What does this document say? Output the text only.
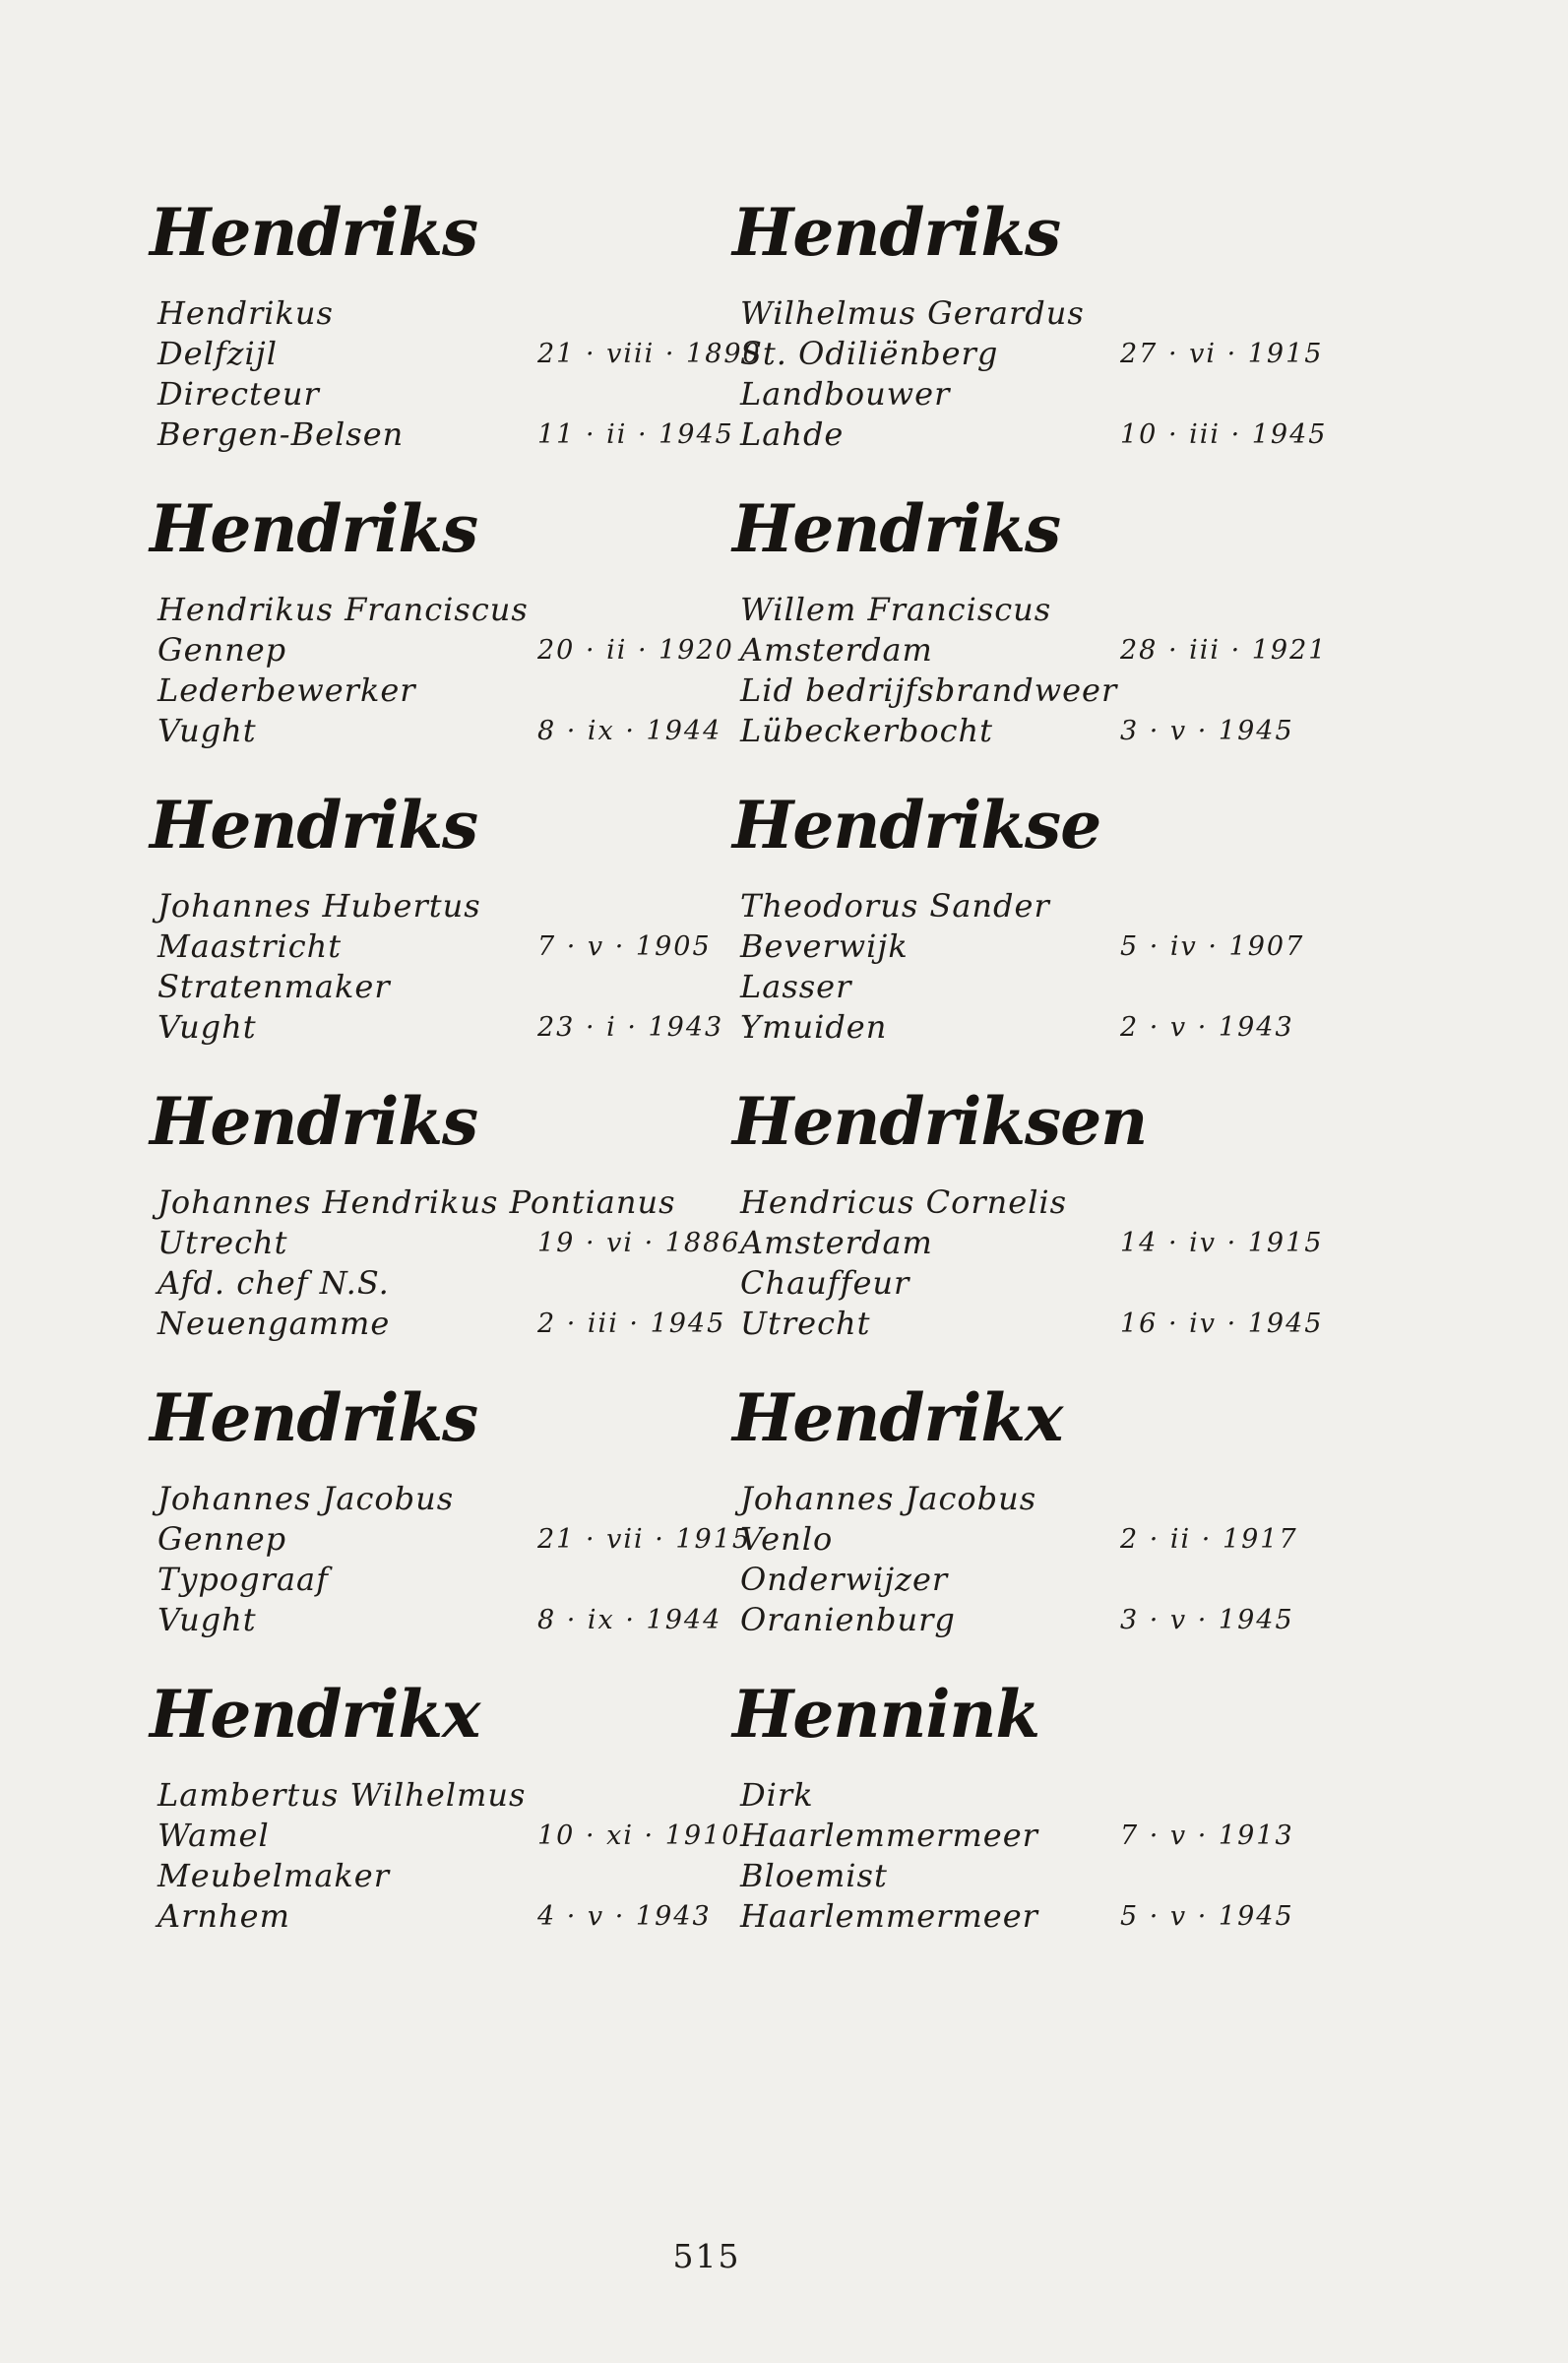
Hendriks
Hendrikus
Delfzijl	21 · viii · 1890
Directeur
Bergen-Belsen	11 · ii · 1945
Hendriks
Hendrikus Franciscus
Gennep	20 · ii · 1920
Lederbewerker
Vught	8 · ix · 1944
Hendriks
Johannes Hubertus
Maastricht	7 · v · 1905
Stratenmaker
Vught	23 · i · 1943
Hendriks
Johannes Hendrikus Pontianus
Utrecht	19 · vi · 1886
Afd. chef N.S.
Neuengamme	2 · iii · 1945
Hendriks
Johannes Jacobus
Gennep	21 · vii · 1915
Typograaf
Vught	8 · ix · 1944
Hendrikx
Lambertus Wilhelmus
Wamel	10 · xi · 1910
Meubelmaker
Arnhem	4 · v · 1943
Hendriks
Wilhelmus Gerardus
St. Odiliënberg	27 · vi · 1915
Landbouwer
Lahde	10 · iii · 1945
Hendriks
Willem Franciscus
Amsterdam	28 · iii · 1921
Lid bedrijfsbrandweer
Lübeckerbocht	3 · v · 1945
Hendrikse
Theodorus Sander
Beverwijk	5 · iv · 1907
Lasser
Ymuiden	2 · v · 1943
Hendriksen
Hendricus Cornelis
Amsterdam	14 · iv · 1915
Chauffeur
Utrecht	16 · iv · 1945
Hendrikx
Johannes Jacobus
Venlo	2 · ii · 1917
Onderwijzer
Oranienburg	3 · v · 1945
Hennink
Dirk
Haarlemmermeer	7 · v · 1913
Bloemist
Haarlemmermeer	5 · v · 1945
515
